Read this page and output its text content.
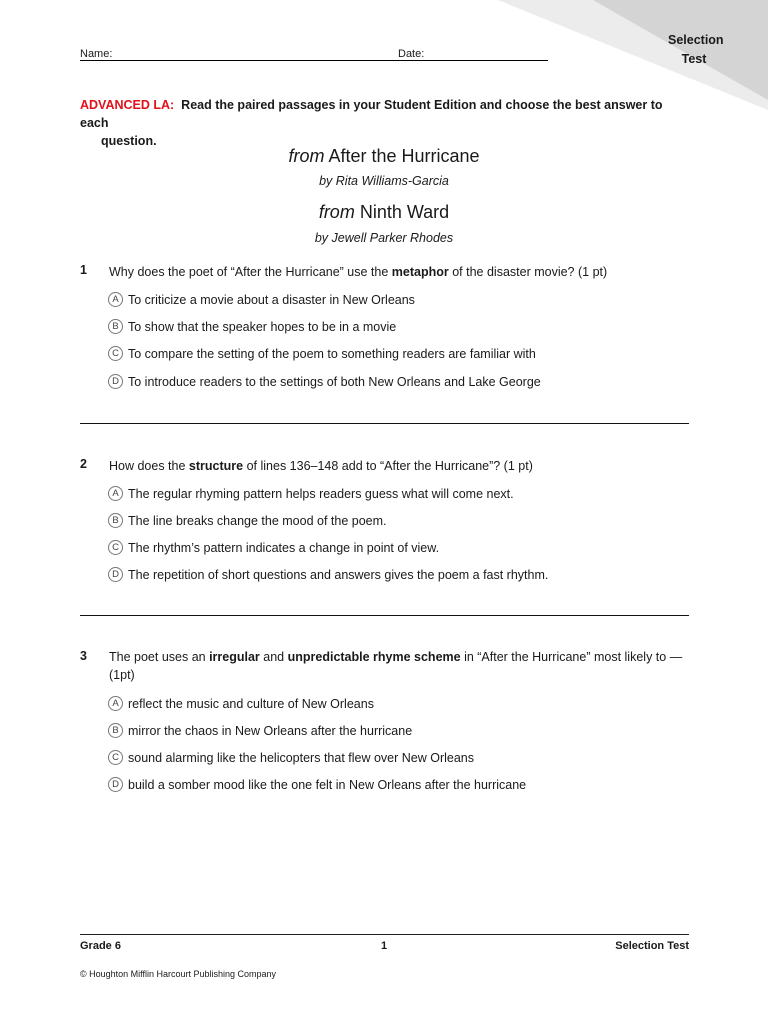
Selection
Test
Name:	Date:
ADVANCED LA: Read the paired passages in your Student Edition and choose the best answer to each
question.
from After the Hurricane
by Rita Williams-Garcia
from Ninth Ward
by Jewell Parker Rhodes
1 Why does the poet of “After the Hurricane” use the metaphor of the disaster movie? (1 pt)
A To criticize a movie about a disaster in New Orleans
B To show that the speaker hopes to be in a movie
C To compare the setting of the poem to something readers are familiar with
D To introduce readers to the settings of both New Orleans and Lake George
2 How does the structure of lines 136–148 add to “After the Hurricane”? (1 pt)
A The regular rhyming pattern helps readers guess what will come next.
B The line breaks change the mood of the poem.
C The rhythm’s pattern indicates a change in point of view.
D The repetition of short questions and answers gives the poem a fast rhythm.
3 The poet uses an irregular and unpredictable rhyme scheme in “After the Hurricane” most likely to —
(1pt)
A reflect the music and culture of New Orleans
B mirror the chaos in New Orleans after the hurricane
C sound alarming like the helicopters that flew over New Orleans
D build a somber mood like the one felt in New Orleans after the hurricane
Grade 6	1	Selection Test
© Houghton Mifflin Harcourt Publishing Company
